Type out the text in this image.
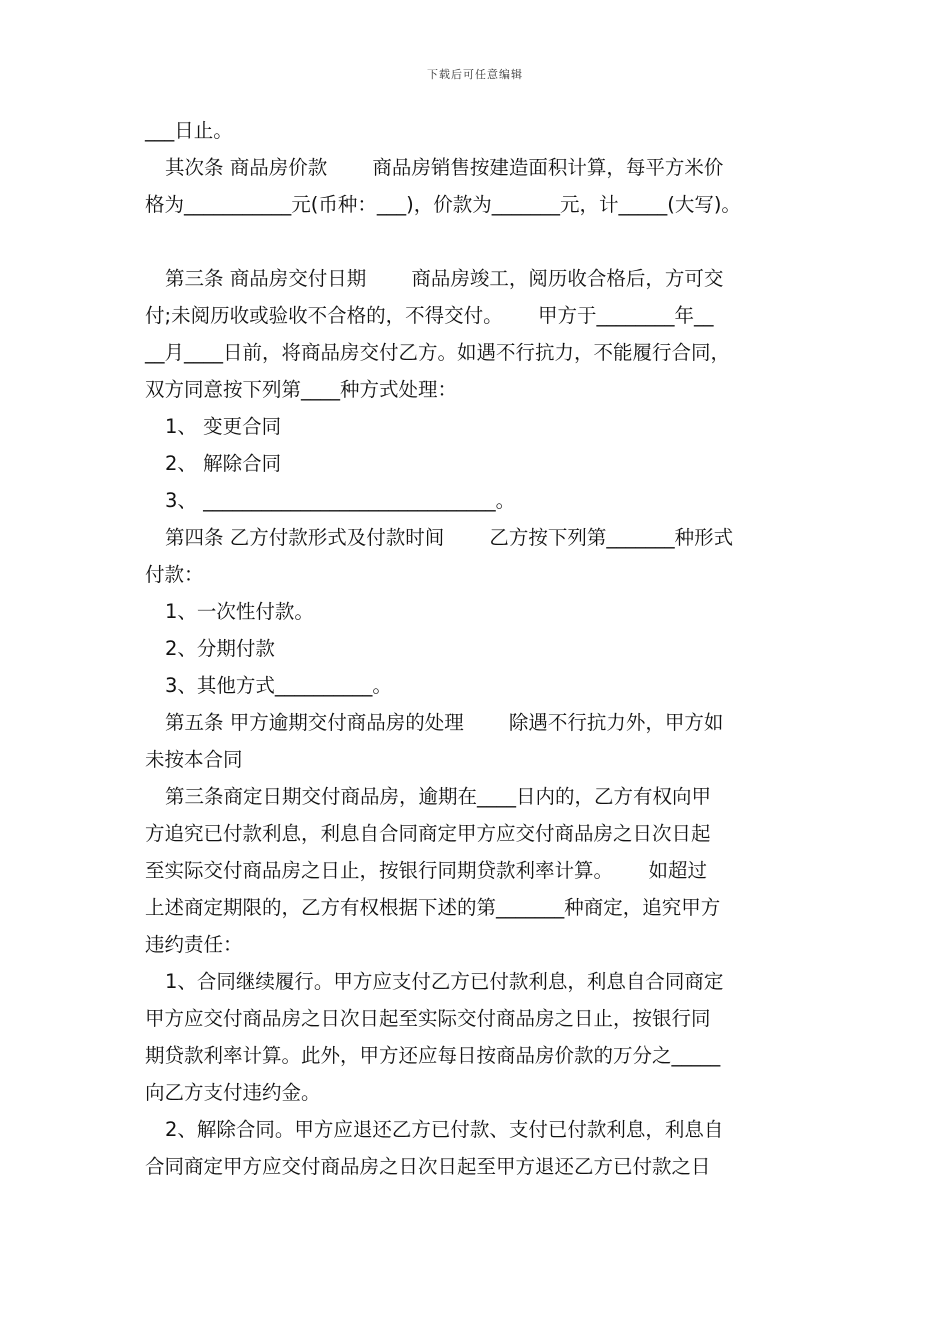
下载后可任意编辑
___日止。
其次条 商品房价款　　 商品房销售按建造面积计算，每平方米价
格为___________元(币种：___)，价款为_______元，计_____(大写)。
第三条 商品房交付日期　　 商品房竣工，阅历收合格后，方可交
付;未阅历收或验收不合格的，不得交付。　　 甲方于________年__
__月____日前，将商品房交付乙方。如遇不行抗力，不能履行合同，
双方同意按下列第____种方式处理：
1、 变更合同
2、 解除合同
3、 ______________________________。
第四条 乙方付款形式及付款时间　　 乙方按下列第_______种形式
付款：
1、一次性付款。
2、分期付款
3、其他方式__________。
第五条 甲方逾期交付商品房的处理　　 除遇不行抗力外，甲方如
未按本合同
第三条商定日期交付商品房，逾期在____日内的，乙方有权向甲
方追究已付款利息，利息自合同商定甲方应交付商品房之日次日起
至实际交付商品房之日止，按银行同期贷款利率计算。　　 如超过
上述商定期限的，乙方有权根据下述的第_______种商定，追究甲方
违约责任：
1、合同继续履行。甲方应支付乙方已付款利息，利息自合同商定
甲方应交付商品房之日次日起至实际交付商品房之日止，按银行同
期贷款利率计算。此外，甲方还应每日按商品房价款的万分之_____
向乙方支付违约金。
2、解除合同。甲方应退还乙方已付款、支付已付款利息，利息自
合同商定甲方应交付商品房之日次日起至甲方退还乙方已付款之日
